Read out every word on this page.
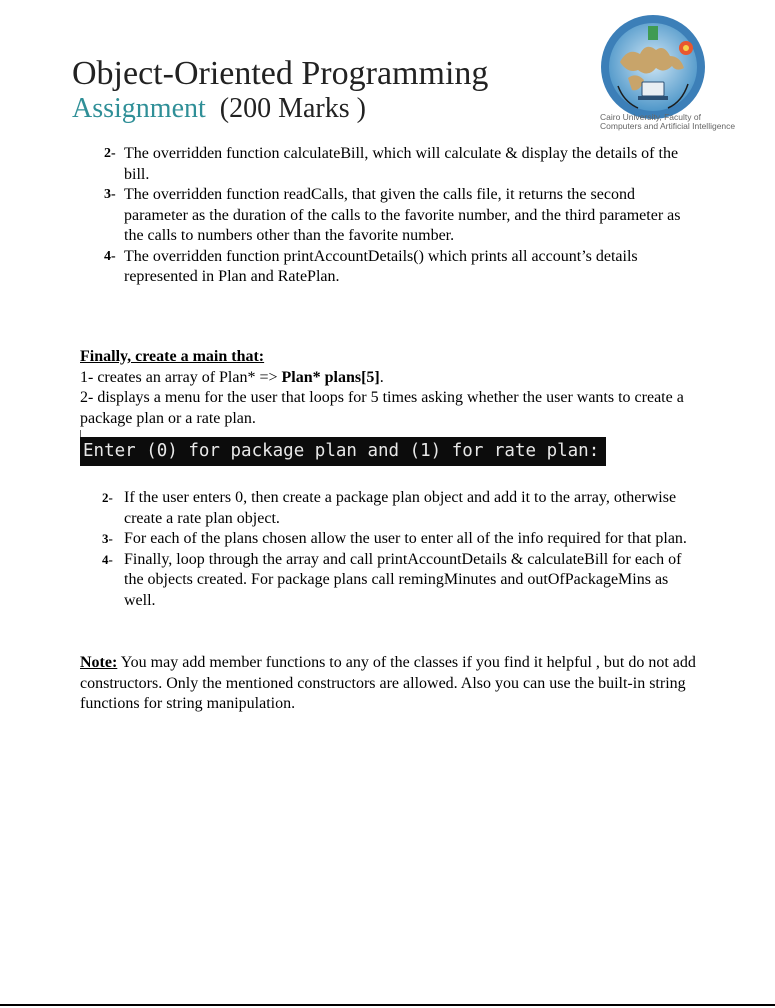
Object-Oriented Programming
Assignment (200 Marks )	Cairo University, Faculty of
Computers and Artificial Intelligence
2- The overridden function calculateBill, which will calculate & display the details of the bill.
3- The overridden function readCalls, that given the calls file, it returns the second parameter as the duration of the calls to the favorite number, and the third parameter as the calls to numbers other than the favorite number.
4- The overridden function printAccountDetails() which prints all account’s details represented in Plan and RatePlan.
Finally, create a main that:
1- creates an array of Plan* => Plan* plans[5].
2- displays a menu for the user that loops for 5 times asking whether the user wants to create a package plan or a rate plan.
Enter (0) for package plan and (1) for rate plan:
2- If the user enters 0, then create a package plan object and add it to the array, otherwise create a rate plan object.
3- For each of the plans chosen allow the user to enter all of the info required for that plan.
4- Finally, loop through the array and call printAccountDetails & calculateBill for each of the objects created. For package plans call remingMinutes and outOfPackageMins as well.
Note: You may add member functions to any of the classes if you find it helpful , but do not add constructors. Only the mentioned constructors are allowed. Also you can use the built-in string functions for string manipulation.
